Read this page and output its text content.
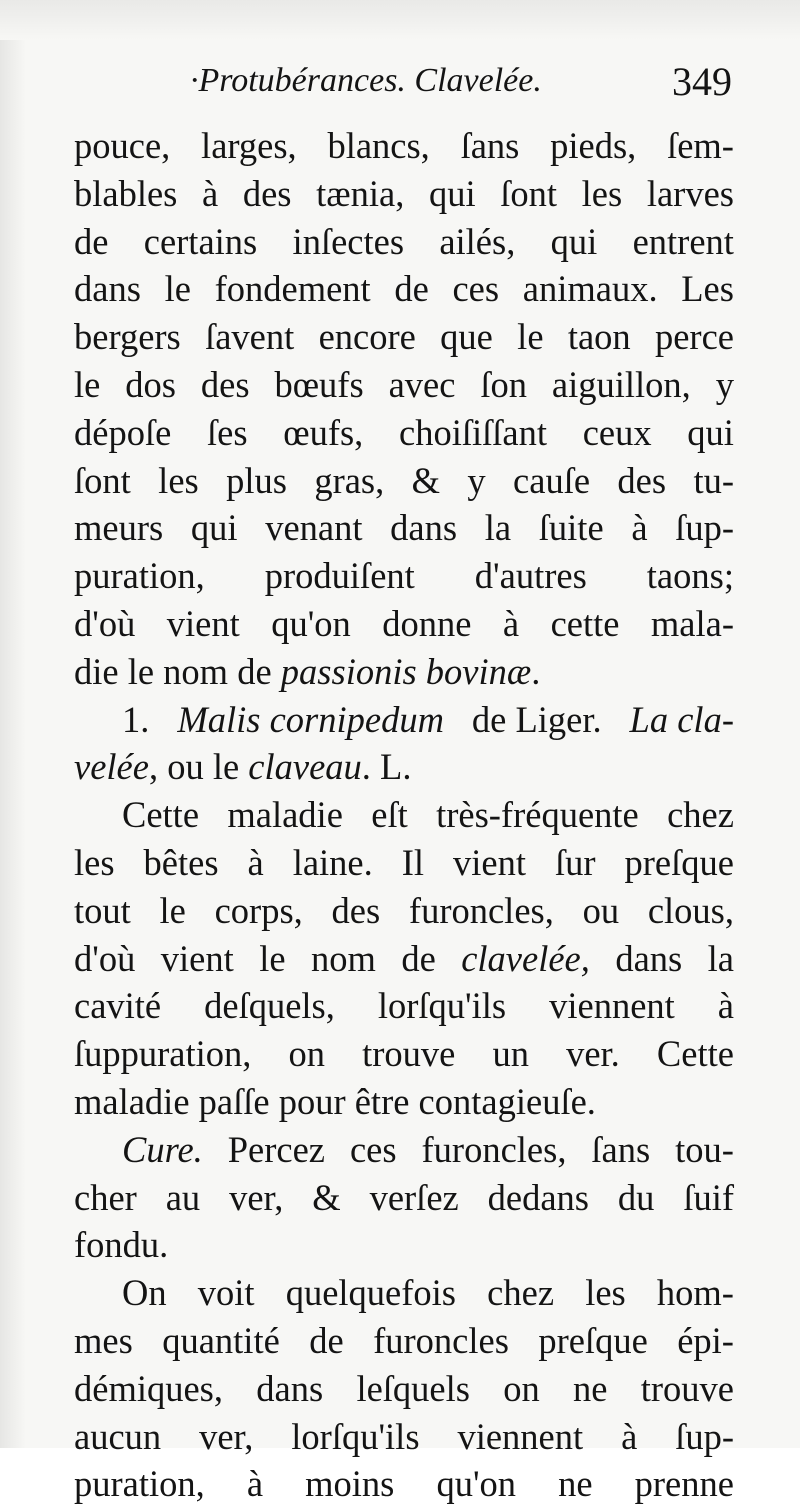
·Protubérances. Clavelée.	349
pouce, larges, blancs, ſans pieds, ſem-
blables à des tænia, qui ſont les larves
de certains inſectes ailés, qui entrent
dans le fondement de ces animaux. Les
bergers ſavent encore que le taon perce
le dos des bœufs avec ſon aiguillon, y
dépoſe ſes œufs, choiſiſſant ceux qui
ſont les plus gras, & y cauſe des tu-
meurs qui venant dans la ſuite à ſup-
puration, produiſent d'autres taons;
d'où vient qu'on donne à cette mala-
die le nom de passionis bovinæ .
1. Malis cornipedum de Liger. La cla-
velée , ou le claveau . L.
Cette maladie eſt très-fréquente chez
les bêtes à laine. Il vient ſur preſque
tout le corps, des furoncles, ou clous,
d'où vient le nom de clavelée, dans la
cavité deſquels, lorſqu'ils viennent à
ſuppuration, on trouve un ver. Cette
maladie paſſe pour être contagieuſe.
Cure. Percez ces furoncles, ſans tou-
cher au ver, & verſez dedans du ſuif
fondu.
On voit quelquefois chez les hom-
mes quantité de furoncles preſque épi-
démiques, dans leſquels on ne trouve
aucun ver, lorſqu'ils viennent à ſup-
puration, à moins qu'on ne prenne
